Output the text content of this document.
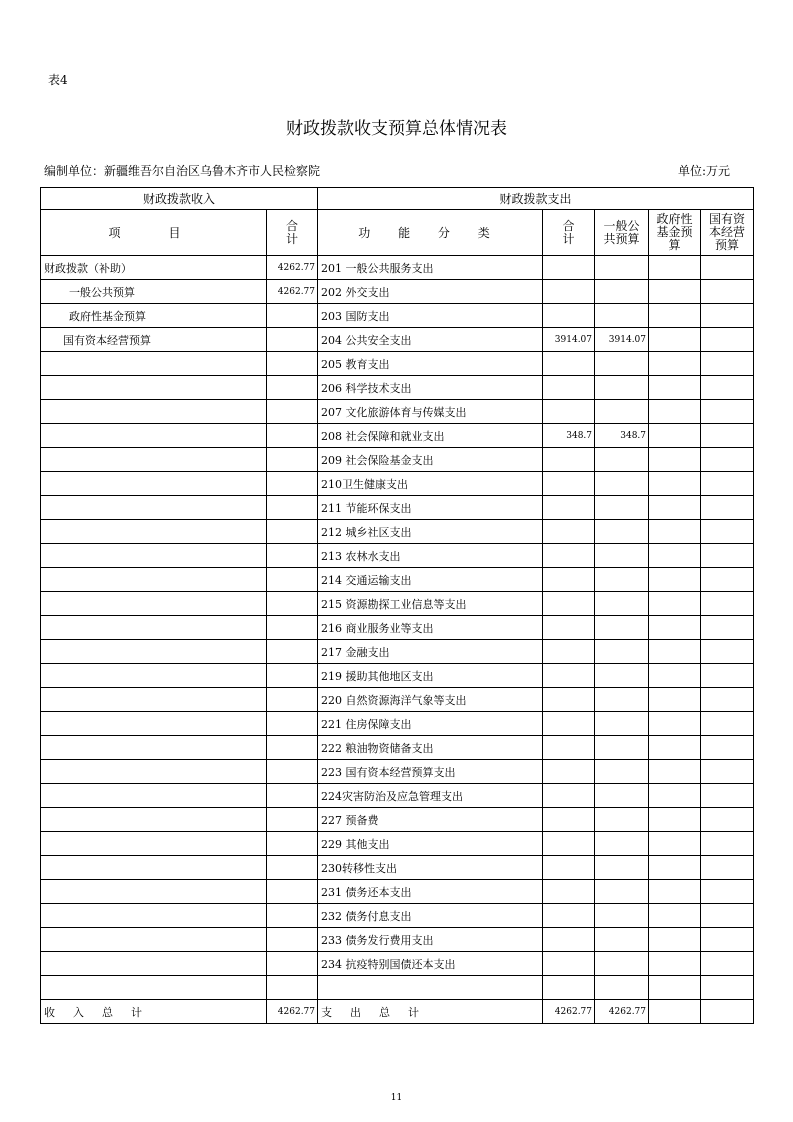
表4
财政拨款收支预算总体情况表
编制单位：新疆维吾尔自治区乌鲁木齐市人民检察院	单位:万元
财政拨款收入		财政拨款支出				
项　目	合计	功 能 分 类	合计	一般公共预算	政府性基金预算	国有资本经营预算

财政拨款（补助）	4262.77	201 一般公共服务支出				
一般公共预算	4262.77	202 外交支出				
政府性基金预算		203 国防支出				
国有资本经营预算		204 公共安全支出	3914.07	3914.07		
		205 教育支出				
		206 科学技术支出				
		207 文化旅游体育与传媒支出				
		208 社会保障和就业支出	348.7	348.7		
		209 社会保险基金支出				
		210卫生健康支出				
		211 节能环保支出				
		212 城乡社区支出				
		213 农林水支出				
		214 交通运输支出				
		215 资源勘探工业信息等支出				
		216 商业服务业等支出				
		217 金融支出				
		219 援助其他地区支出				
		220 自然资源海洋气象等支出				
		221 住房保障支出				
		222 粮油物资储备支出				
		223 国有资本经营预算支出				
		224灾害防治及应急管理支出				
		227 预备费				
		229 其他支出				
		230转移性支出				
		231 债务还本支出				
		232 债务付息支出				
		233 债务发行费用支出				
		234 抗疫特别国债还本支出				

收入总计	4262.77	支出总计	4262.77	4262.77		
11
